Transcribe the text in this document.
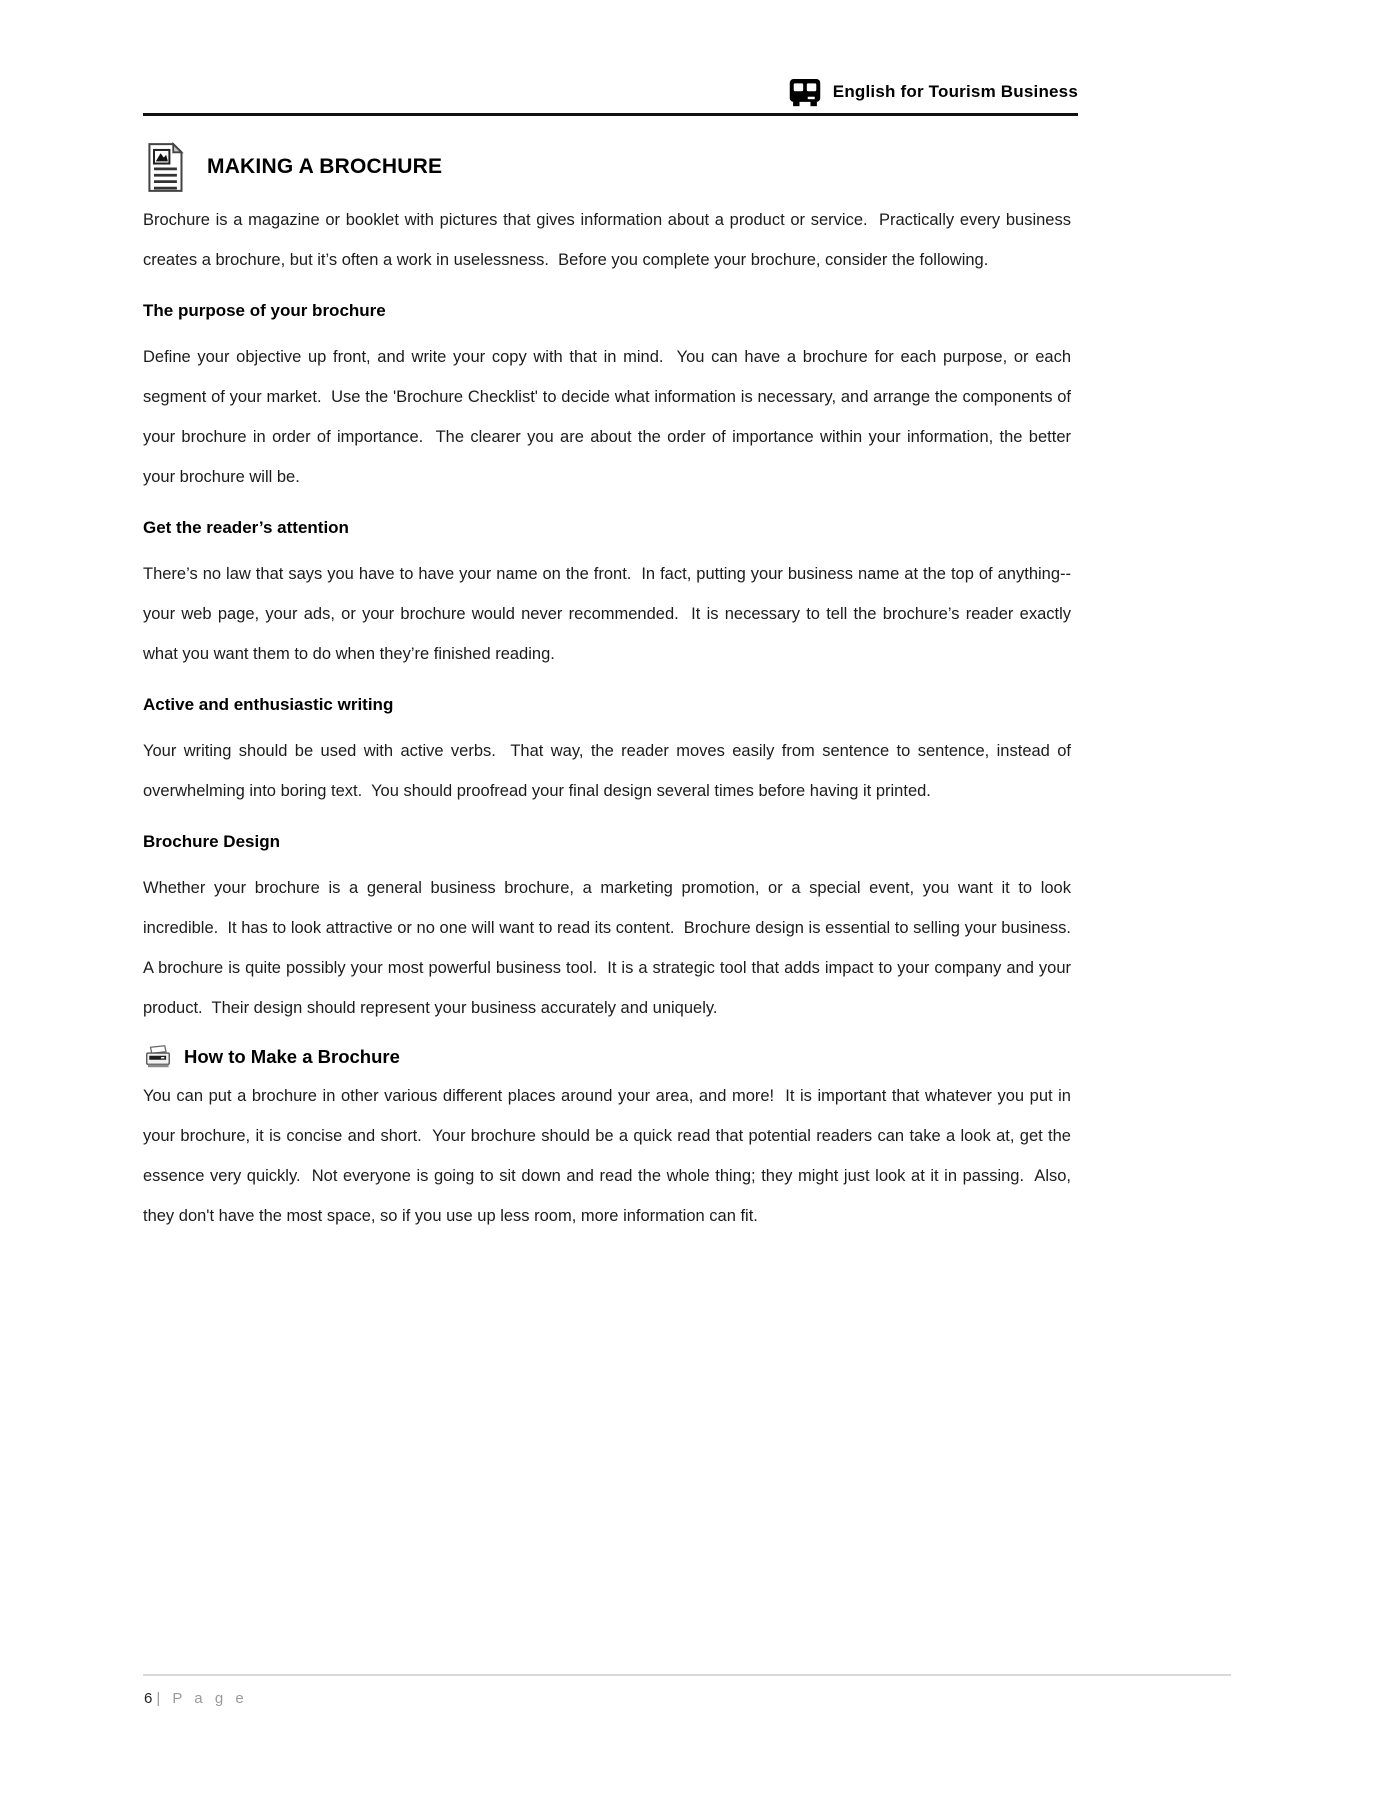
English for Tourism Business
MAKING A BROCHURE

Brochure is a magazine or booklet with pictures that gives information about a product or service.  Practically every business creates a brochure, but it’s often a work in uselessness.  Before you complete your brochure, consider the following.

The purpose of your brochure

Define your objective up front, and write your copy with that in mind.  You can have a brochure for each purpose, or each segment of your market.  Use the 'Brochure Checklist' to decide what information is necessary, and arrange the components of your brochure in order of importance.  The clearer you are about the order of importance within your information, the better your brochure will be.

Get the reader’s attention

There’s no law that says you have to have your name on the front.  In fact, putting your business name at the top of anything--your web page, your ads, or your brochure would never recommended.  It is necessary to tell the brochure’s reader exactly what you want them to do when they’re finished reading.

Active and enthusiastic writing

Your writing should be used with active verbs.  That way, the reader moves easily from sentence to sentence, instead of overwhelming into boring text.  You should proofread your final design several times before having it printed.

Brochure Design

Whether your brochure is a general business brochure, a marketing promotion, or a special event, you want it to look incredible.  It has to look attractive or no one will want to read its content.  Brochure design is essential to selling your business.  A brochure is quite possibly your most powerful business tool.  It is a strategic tool that adds impact to your company and your product.  Their design should represent your business accurately and uniquely.

How to Make a Brochure

You can put a brochure in other various different places around your area, and more!  It is important that whatever you put in your brochure, it is concise and short.  Your brochure should be a quick read that potential readers can take a look at, get the essence very quickly.  Not everyone is going to sit down and read the whole thing; they might just look at it in passing.  Also, they don't have the most space, so if you use up less room, more information can fit.

6 | P a g e
